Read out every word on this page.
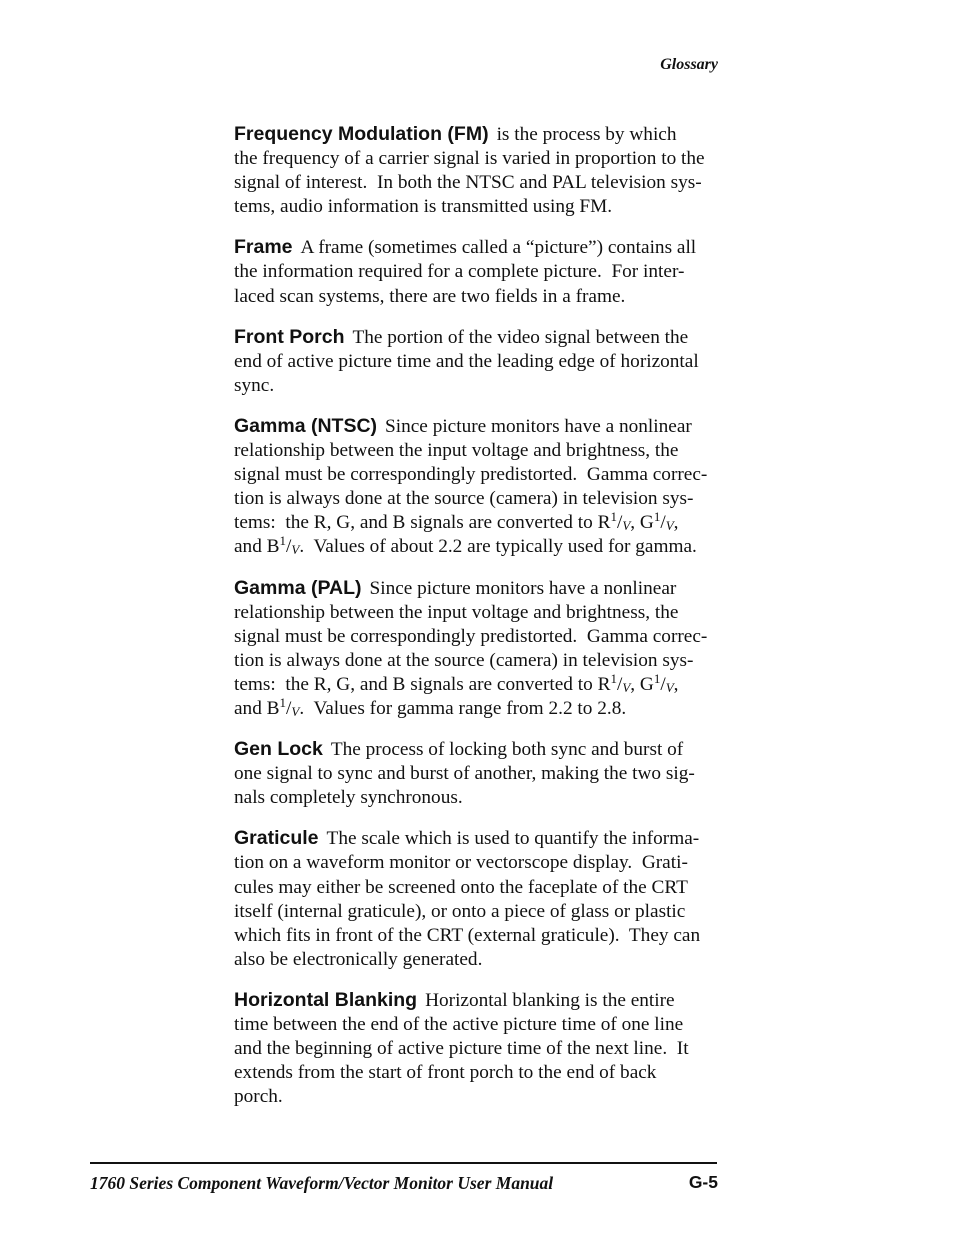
Glossary
Frequency Modulation (FM) is the process by which
the frequency of a carrier signal is varied in proportion to the
signal of interest.  In both the NTSC and PAL television sys-
tems, audio information is transmitted using FM.
Frame A frame (sometimes called a “picture”) contains all
the information required for a complete picture.  For inter-
laced scan systems, there are two fields in a frame.
Front Porch The portion of the video signal between the
end of active picture time and the leading edge of horizontal
sync.
Gamma (NTSC) Since picture monitors have a nonlinear
relationship between the input voltage and brightness, the
signal must be correspondingly predistorted.  Gamma correc-
tion is always done at the source (camera) in television sys-
tems:  the R, G, and B signals are converted to $R^1/V$, $G^1/V$,
and $B^1/V$.  Values of about 2.2 are typically used for gamma.
Gamma (PAL) Since picture monitors have a nonlinear
relationship between the input voltage and brightness, the
signal must be correspondingly predistorted.  Gamma correc-
tion is always done at the source (camera) in television sys-
tems:  the R, G, and B signals are converted to $R^1/V$, $G^1/V$,
and $B^1/V$.  Values for gamma range from 2.2 to 2.8.
Gen Lock The process of locking both sync and burst of
one signal to sync and burst of another, making the two sig-
nals completely synchronous.
Graticule The scale which is used to quantify the informa-
tion on a waveform monitor or vectorscope display.  Grati-
cules may either be screened onto the faceplate of the CRT
itself (internal graticule), or onto a piece of glass or plastic
which fits in front of the CRT (external graticule).  They can
also be electronically generated.
Horizontal Blanking Horizontal blanking is the entire
time between the end of the active picture time of one line
and the beginning of active picture time of the next line.  It
extends from the start of front porch to the end of back
porch.
1760 Series Component Waveform/Vector Monitor User Manual	G-5
